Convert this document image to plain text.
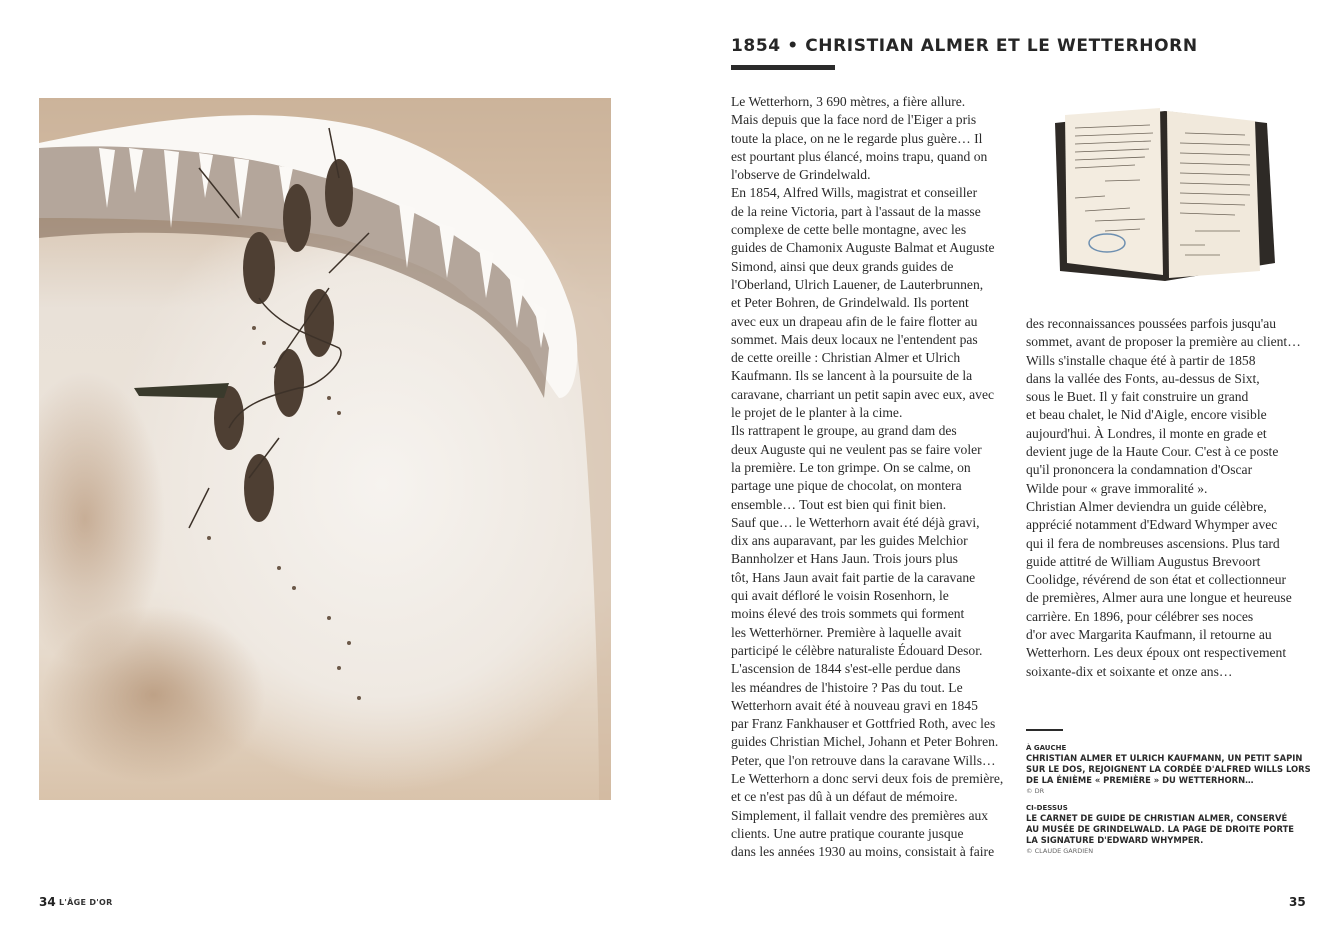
34 L'ÂGE D'OR
1854 • CHRISTIAN ALMER ET LE WETTERHORN

Le Wetterhorn, 3 690 mètres, a fière allure.

Mais depuis que la face nord de l'Eiger a pris

toute la place, on ne le regarde plus guère… Il

est pourtant plus élancé, moins trapu, quand on

l'observe de Grindelwald.

En 1854, Alfred Wills, magistrat et conseiller

de la reine Victoria, part à l'assaut de la masse

complexe de cette belle montagne, avec les

guides de Chamonix Auguste Balmat et Auguste

Simond, ainsi que deux grands guides de

l'Oberland, Ulrich Lauener, de Lauterbrunnen,

et Peter Bohren, de Grindelwald. Ils portent

avec eux un drapeau afin de le faire flotter au

sommet. Mais deux locaux ne l'entendent pas

de cette oreille : Christian Almer et Ulrich

Kaufmann. Ils se lancent à la poursuite de la

caravane, charriant un petit sapin avec eux, avec

le projet de le planter à la cime.

Ils rattrapent le groupe, au grand dam des

deux Auguste qui ne veulent pas se faire voler

la première. Le ton grimpe. On se calme, on

partage une pique de chocolat, on montera

ensemble… Tout est bien qui finit bien.

Sauf que… le Wetterhorn avait été déjà gravi,

dix ans auparavant, par les guides Melchior

Bannholzer et Hans Jaun. Trois jours plus

tôt, Hans Jaun avait fait partie de la caravane

qui avait défloré le voisin Rosenhorn, le

moins élevé des trois sommets qui forment

les Wetterhörner. Première à laquelle avait

participé le célèbre naturaliste Édouard Desor.

L'ascension de 1844 s'est-elle perdue dans

les méandres de l'histoire ? Pas du tout. Le

Wetterhorn avait été à nouveau gravi en 1845

par Franz Fankhauser et Gottfried Roth, avec les

guides Christian Michel, Johann et Peter Bohren.

Peter, que l'on retrouve dans la caravane Wills…

Le Wetterhorn a donc servi deux fois de première,

et ce n'est pas dû à un défaut de mémoire.

Simplement, il fallait vendre des premières aux

clients. Une autre pratique courante jusque

dans les années 1930 au moins, consistait à faire

des reconnaissances poussées parfois jusqu'au

sommet, avant de proposer la première au client…

Wills s'installe chaque été à partir de 1858

dans la vallée des Fonts, au-dessus de Sixt,

sous le Buet. Il y fait construire un grand

et beau chalet, le Nid d'Aigle, encore visible

aujourd'hui. À Londres, il monte en grade et

devient juge de la Haute Cour. C'est à ce poste

qu'il prononcera la condamnation d'Oscar

Wilde pour « grave immoralité ».

Christian Almer deviendra un guide célèbre,

apprécié notamment d'Edward Whymper avec

qui il fera de nombreuses ascensions. Plus tard

guide attitré de William Augustus Brevoort

Coolidge, révérend de son état et collectionneur

de premières, Almer aura une longue et heureuse

carrière. En 1896, pour célébrer ses noces

d'or avec Margarita Kaufmann, il retourne au

Wetterhorn. Les deux époux ont respectivement

soixante-dix et soixante et onze ans…

À GAUCHE
CHRISTIAN ALMER ET ULRICH KAUFMANN, UN PETIT SAPIN
SUR LE DOS, REJOIGNENT LA CORDÉE D'ALFRED WILLS LORS
DE LA ÉNIÈME « PREMIÈRE » DU WETTERHORN…
© DR
CI-DESSUS
LE CARNET DE GUIDE DE CHRISTIAN ALMER, CONSERVÉ
AU MUSÉE DE GRINDELWALD. LA PAGE DE DROITE PORTE
LA SIGNATURE D'EDWARD WHYMPER.
© CLAUDE GARDIEN
35
